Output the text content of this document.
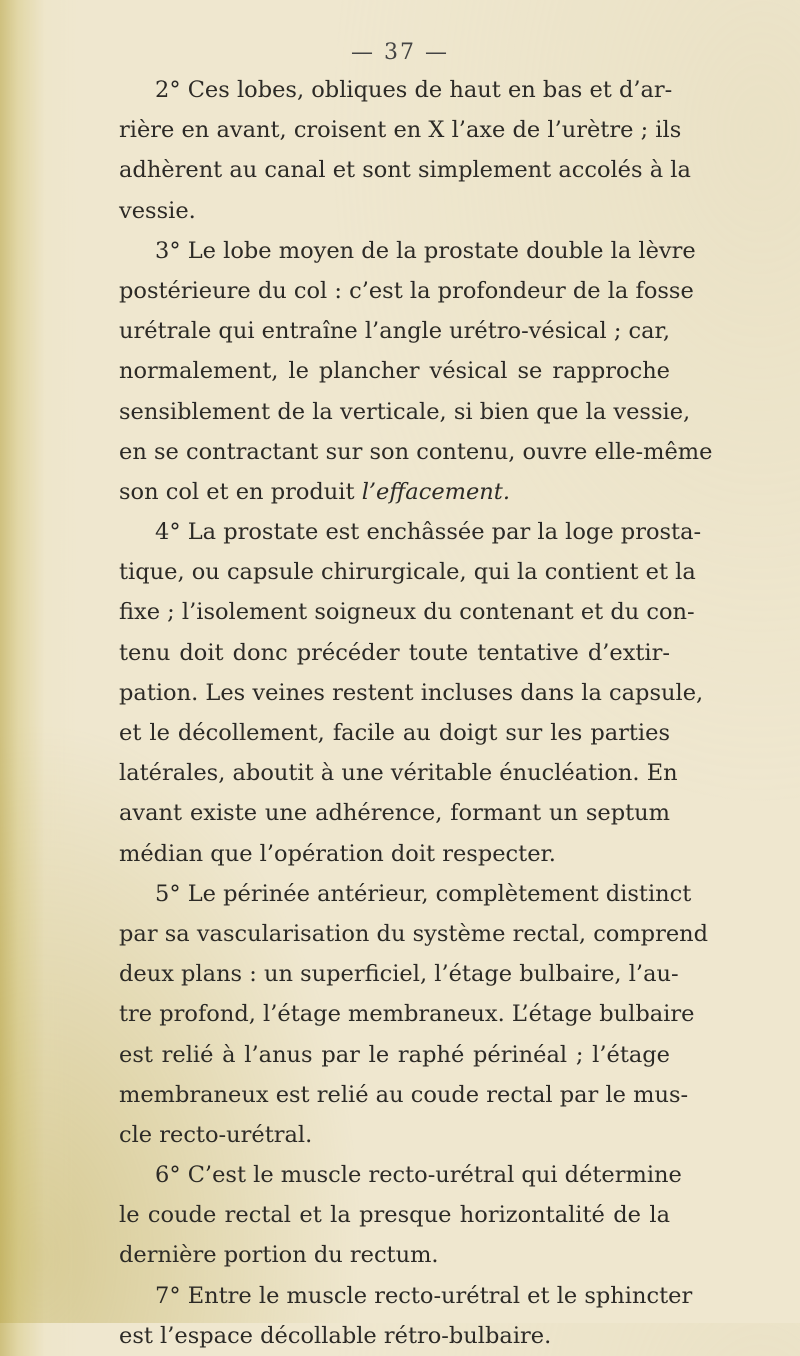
— 37 —
2° Ces lobes, obliques de haut en bas et d’ar-
rière en avant, croisent en X l’axe de l’urètre ; ils
adhèrent au canal et sont simplement accolés à la
vessie.
3° Le lobe moyen de la prostate double la lèvre
postérieure du col : c’est la profondeur de la fosse
urétrale qui entraîne l’angle urétro-vésical ; car,
normalement, le plancher vésical se rapproche
sensiblement de la verticale, si bien que la vessie,
en se contractant sur son contenu, ouvre elle-même
son col et en produit l’effacement.
4° La prostate est enchâssée par la loge prosta-
tique, ou capsule chirurgicale, qui la contient et la
fixe ; l’isolement soigneux du contenant et du con-
tenu doit donc précéder toute tentative d’extir-
pation. Les veines restent incluses dans la capsule,
et le décollement, facile au doigt sur les parties
latérales, aboutit à une véritable énucléation. En
avant existe une adhérence, formant un septum
médian que l’opération doit respecter.
5° Le périnée antérieur, complètement distinct
par sa vascularisation du système rectal, comprend
deux plans : un superficiel, l’étage bulbaire, l’au-
tre profond, l’étage membraneux. L’étage bulbaire
est relié à l’anus par le raphé périnéal ; l’étage
membraneux est relié au coude rectal par le mus-
cle recto-urétral.
6° C’est le muscle recto-urétral qui détermine
le coude rectal et la presque horizontalité de la
dernière portion du rectum.
7° Entre le muscle recto-urétral et le sphincter
est l’espace décollable rétro-bulbaire.
